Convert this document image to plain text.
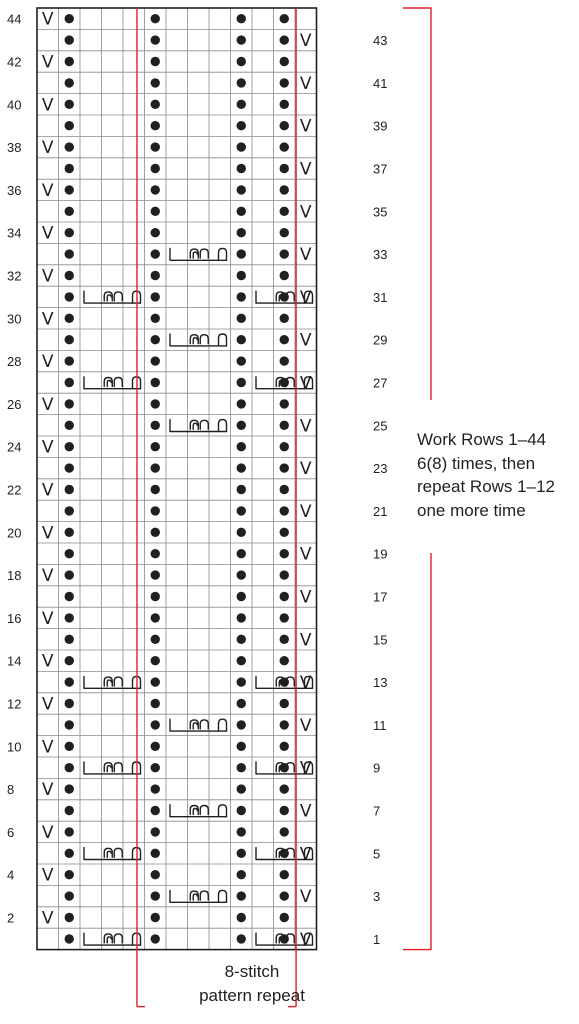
V
V
V
V
V
V
V
V
V
V
V
V
V
V
V
V
V
V
V
V
V
V
V
V
V
V
V
V
V
V
V
V
V
V
V
V
V
V
V
V
V
V
V
V
1
2
3
4
5
6
7
8
9
10
11
12
13
14
15
16
17
18
19
20
21
22
23
24
25
26
27
28
29
30
31
32
33
34
35
36
37
38
39
40
41
42
43
44
Work Rows 1–44
6(8) times, then
repeat Rows 1–12
one more time
8-stitch
pattern repeat
